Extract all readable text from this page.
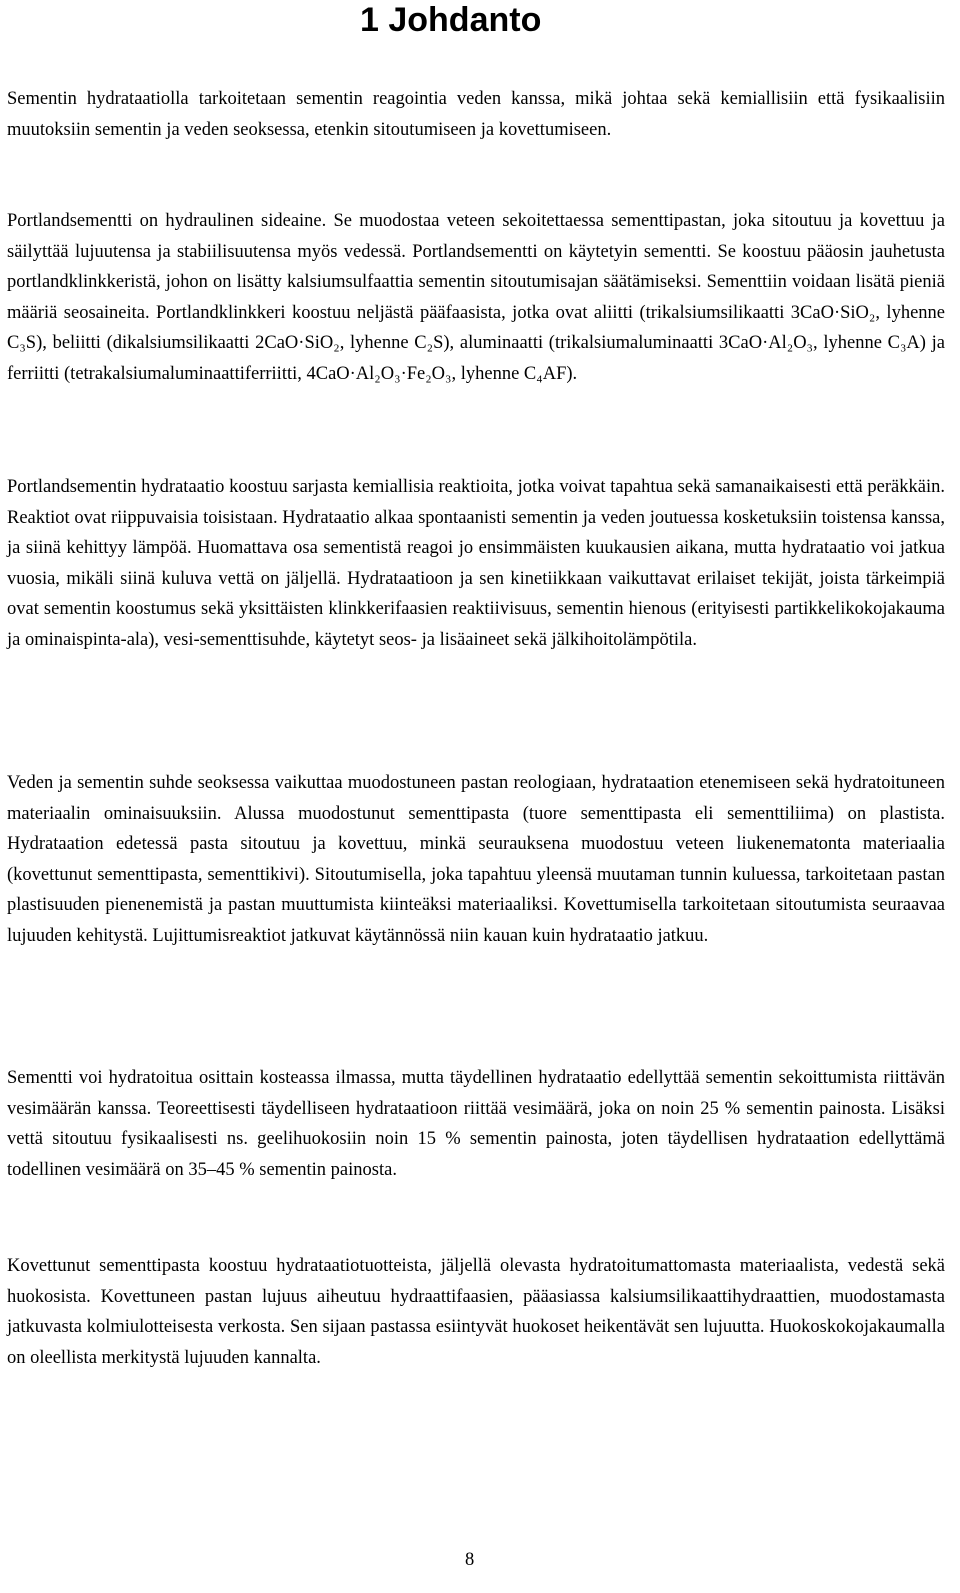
1 Johdanto

Sementin hydrataatiolla tarkoitetaan sementin reagointia veden kanssa, mikä johtaa sekä kemiallisiin että fysikaalisiin muutoksiin sementin ja veden seoksessa, etenkin sitoutumiseen ja kovettumiseen.

Portlandsementti on hydraulinen sideaine. Se muodostaa veteen sekoitettaessa sementtipastan, joka sitoutuu ja kovettuu ja säilyttää lujuutensa ja stabiilisuutensa myös vedessä. Portlandsementti on käytetyin sementti. Se koostuu pääosin jauhetusta portlandklinkkeristä, johon on lisätty kalsiumsulfaattia sementin sitoutumisajan säätämiseksi. Sementtiin voidaan lisätä pieniä määriä seosaineita. Portlandklinkkeri koostuu neljästä pääfaasista, jotka ovat aliitti (trikalsiumsilikaatti 3CaO·SiO₂, lyhenne C₃S), beliitti (dikalsiumsilikaatti 2CaO·SiO₂, lyhenne C₂S), aluminaatti (trikalsiumaluminaatti 3CaO·Al₂O₃, lyhenne C₃A) ja ferriitti (tetrakalsiumaluminaattiferriitti, 4CaO·Al₂O₃·Fe₂O₃, lyhenne C₄AF).

Portlandsementin hydrataatio koostuu sarjasta kemiallisia reaktioita, jotka voivat tapahtua sekä samanaikaisesti että peräkkäin. Reaktiot ovat riippuvaisia toisistaan. Hydrataatio alkaa spontaanisti sementin ja veden joutuessa kosketuksiin toistensa kanssa, ja siinä kehittyy lämpöä. Huomattava osa sementistä reagoi jo ensimmäisten kuukausien aikana, mutta hydrataatio voi jatkua vuosia, mikäli siinä kuluva vettä on jäljellä. Hydrataatioon ja sen kinetiikkaan vaikuttavat erilaiset tekijät, joista tärkeimpiä ovat sementin koostumus sekä yksittäisten klinkkerifaasien reaktiivisuus, sementin hienous (erityisesti partikkelikokojakauma ja ominaispinta-ala), vesi-sementtisuhde, käytetyt seos- ja lisäaineet sekä jälkihoitolämpötila.

Veden ja sementin suhde seoksessa vaikuttaa muodostuneen pastan reologiaan, hydrataation etenemiseen sekä hydratoituneen materiaalin ominaisuuksiin. Alussa muodostunut sementtipasta (tuore sementtipasta eli sementtiliima) on plastista. Hydrataation edetessä pasta sitoutuu ja kovettuu, minkä seurauksena muodostuu veteen liukenematonta materiaalia (kovettunut sementtipasta, sementtikivi). Sitoutumisella, joka tapahtuu yleensä muutaman tunnin kuluessa, tarkoitetaan pastan plastisuuden pienenemistä ja pastan muuttumista kiinteäksi materiaaliksi. Kovettumisella tarkoitetaan sitoutumista seuraavaa lujuuden kehitystä. Lujittumisreaktiot jatkuvat käytännössä niin kauan kuin hydrataatio jatkuu.

Sementti voi hydratoitua osittain kosteassa ilmassa, mutta täydellinen hydrataatio edellyttää sementin sekoittumista riittävän vesimäärän kanssa. Teoreettisesti täydelliseen hydrataatioon riittää vesimäärä, joka on noin 25 % sementin painosta. Lisäksi vettä sitoutuu fysikaalisesti ns. geelihuokosiin noin 15 % sementin painosta, joten täydellisen hydrataation edellyttämä todellinen vesimäärä on 35–45 % sementin painosta.

Kovettunut sementtipasta koostuu hydrataatiotuotteista, jäljellä olevasta hydratoitumattomasta materiaalista, vedestä sekä huokosista. Kovettuneen pastan lujuus aiheutuu hydraattifaasien, pääasiassa kalsiumsilikaattihydraattien, muodostamasta jatkuvasta kolmiulotteisesta verkosta. Sen sijaan pastassa esiintyvät huokoset heikentävät sen lujuutta. Huokoskokojakaumalla on oleellista merkitystä lujuuden kannalta.

8
